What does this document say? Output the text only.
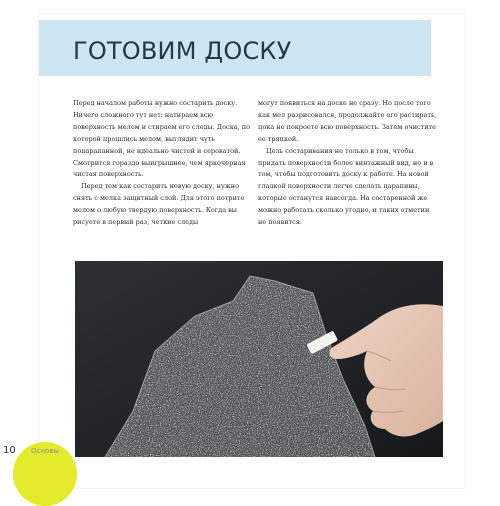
ГОТОВИМ ДОСКУ

Перед началом работы нужно состарить доску. Ничего сложного тут нет: натираем всю поверхность мелом и стираем его следы. Доска, по которой прошлись мелом, выглядит чуть поцарапанной, не идеально чистой и сероватой. Смотрится гораздо выигрышнее, чем яркочерная чистая поверхность.

Перед тем как состарить новую доску, нужно снять с мелка защитный слой. Для этого потрите мелом о любую твердую поверхность. Когда вы рисуете в первый раз, четкие следы

могут появиться на доске не сразу. Но после того как мел разрисовался, продолжайте его растирать, пока не покроете всю поверхность. Затем очистите ее тряпкой.

Цель состаривания не только в том, чтобы придать поверхности более винтажный вид, но и в том, чтобы подготовить доску к работе. На новой гладкой поверхности легче сделать царапины, которые останутся навсегда. На состаренной же можно работать сколько угодно, и таких отметин не появится.

10 Основы
